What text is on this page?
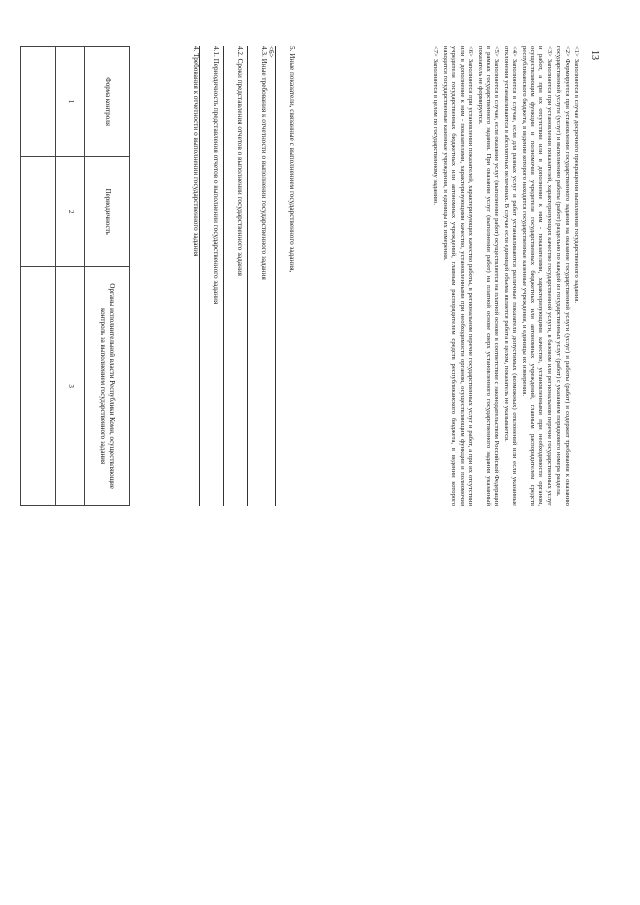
13
Форма контроля	Периодичность	Органы исполнительной власти Республики Коми, осуществляющие контроль за выполнением государственного задания
1	2	3

4. Требования к отчетности о выполнении государственного задания 4.1. Периодичность представления отчетов о выполнении государственного задания 4.2. Сроки представления отчетов о выполнении государственного задания 4.3. Иные требования к отчетности о выполнении государственного задания	5. Иные показатели, связанные с выполнением государственного задания,
<6>	<1>Заполняется в случае досрочного прекращения выполнения государственного задания.

<2>Формируется при установлении государственного задания на оказание государственной услуги (услуг) и работы (работ) и содержит требования к оказанию государственной услуги (услуг) и выполнению работы (работ) раздельно по каждой из государственных услуг (работ) с указанием порядкового номера раздела.

<3>Заполняется при установлении показателей, характеризующих качество государственной услуги, в базовом или региональном перечне государственных услуг и работ, а при их отсутствии или в дополнение к ним - показателями, характеризующими качество, установленными при необходимости органом, осуществляющим функции и полномочия учредителя государственных бюджетных или автономных учреждений, главным распорядителем средств республиканского бюджета, в ведении которого находятся государственные казенные учреждения, и единицы их измерения.

<4>Заполняется в случае, если для разных услуг и работ устанавливаются различные показатели допустимых (возможных) отклонений или если указанные отклонения устанавливаются в абсолютных величинах. В случае если единицей объема является работа в целом, показатель не указывается.

<5>Заполняется в случае, если оказание услуг (выполнение работ) осуществляется на платной основе в соответствии с законодательством Российской Федерации в рамках государственного задания. При оказании услуг (выполнении работ) на платной основе сверх установленного государственного задания указанный показатель не формируется.

<6>Заполняется при установлении показателей, характеризующих качество работы, в региональном перечне государственных услуг и работ, а при их отсутствии или в дополнение к ним - показателями, характеризующими качество, установленными при необходимости органом, осуществляющим функции и полномочия учредителя государственных бюджетных или автономных учреждений, главным распорядителем средств республиканского бюджета, в ведении которого находятся государственные казенные учреждения, и единицы их измерения.

<7>Заполняется в целом по государственному заданию.
